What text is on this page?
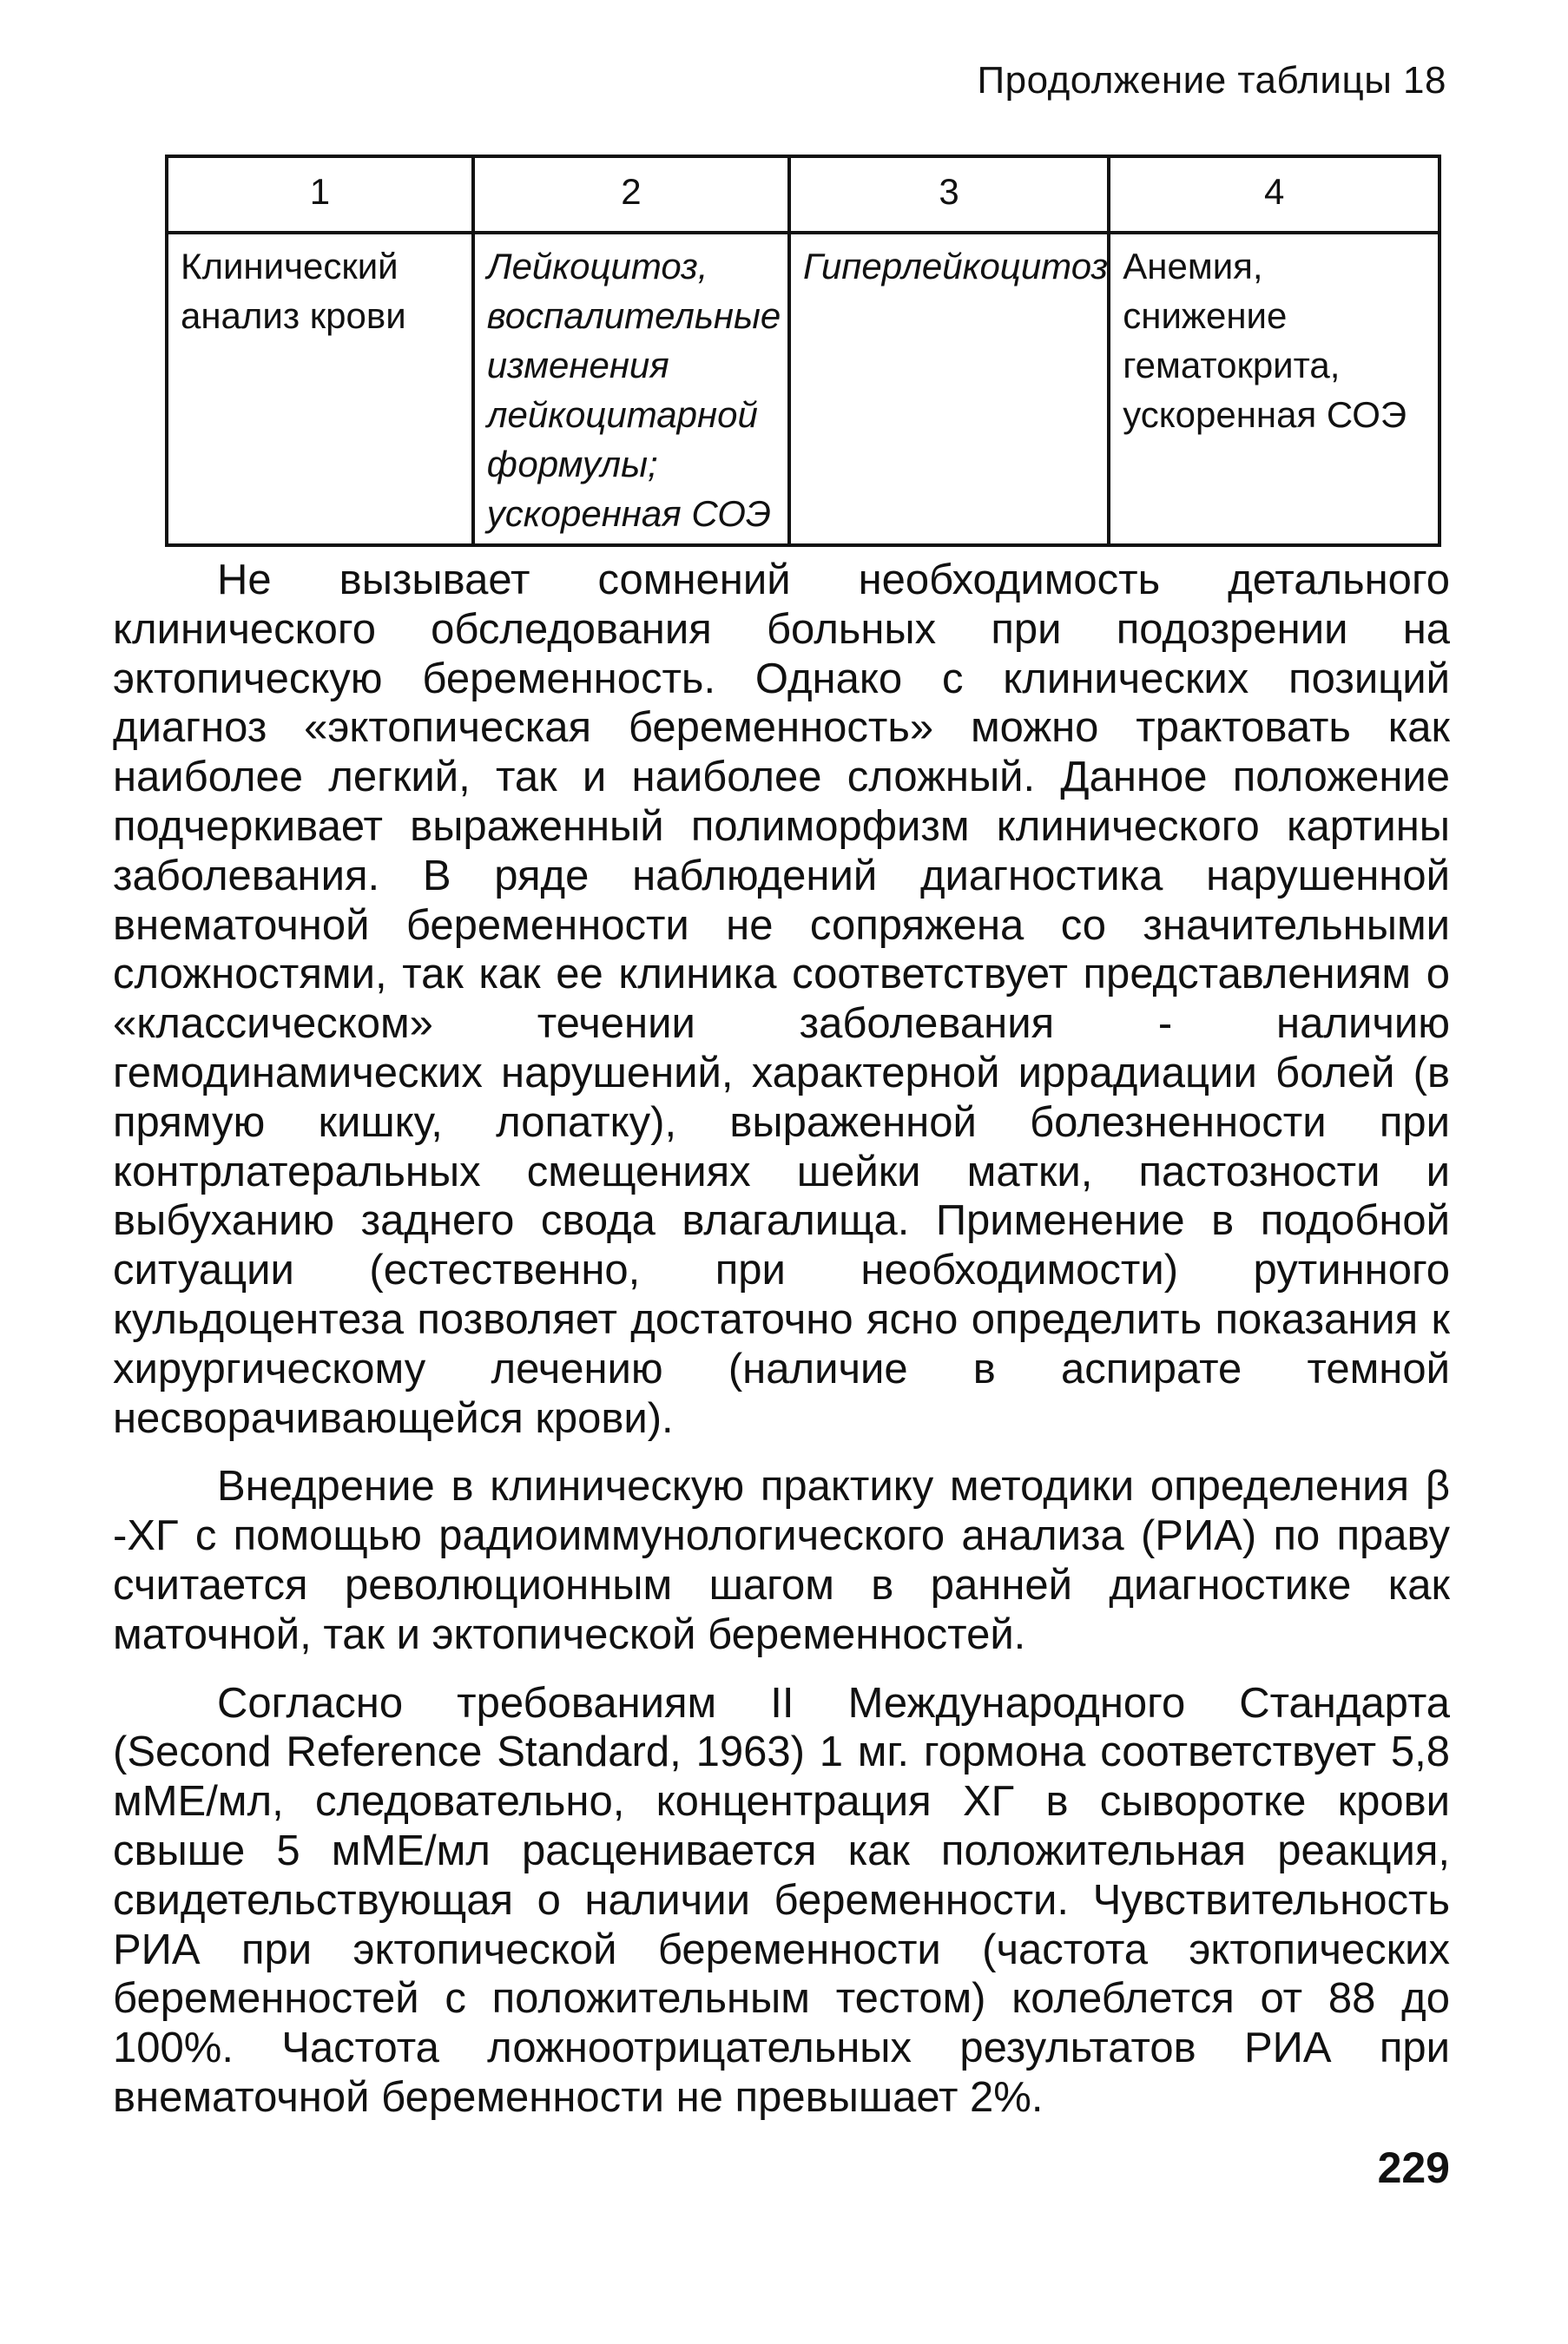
Продолжение таблицы 18
1	2	3	4
Клинический анализ крови	Лейкоцитоз, воспалительные изменения лейкоцитарной формулы; ускоренная СОЭ	Гиперлейкоцитоз	Анемия, снижение гематокрита, ускоренная СОЭ

Не вызывает сомнений необходимость детального клинического обследования больных при подозрении на эктопическую беременность. Однако с клинических позиций диагноз «эктопическая беременность» можно трактовать как наиболее легкий, так и наиболее сложный. Данное положение подчеркивает выраженный полиморфизм клинического картины заболевания. В ряде наблюдений диагностика нарушенной внематочной беременности не сопряжена со значительными сложностями, так как ее клиника соответствует представлениям о «классическом» течении заболевания - наличию гемодинамических нарушений, характерной иррадиации болей (в прямую кишку, лопатку), выраженной болезненности при контрлатеральных смещениях шейки матки, пастозности и выбуханию заднего свода влагалища. Применение в подобной ситуации (естественно, при необходимости) рутинного кульдоцентеза позволяет достаточно ясно определить показания к хирургическому лечению (наличие в аспирате темной несворачивающейся крови).

Внедрение в клиническую практику методики определения β -ХГ с помощью радиоиммунологического анализа (РИА) по праву считается революционным шагом в ранней диагностике как маточной, так и эктопической беременностей.

Согласно требованиям II Международного Стандарта (Second Reference Standard, 1963) 1 мг. гормона соответствует 5,8 мМЕ/мл, следовательно, концентрация ХГ в сыворотке крови свыше 5 мМЕ/мл расценивается как положительная реакция, свидетельствующая о наличии беременности. Чувствительность РИА при эктопической беременности (частота эктопических беременностей с положительным тестом) колеблется от 88 до 100%. Частота ложноотрицательных результатов РИА при внематочной беременности не превышает 2%.

229
